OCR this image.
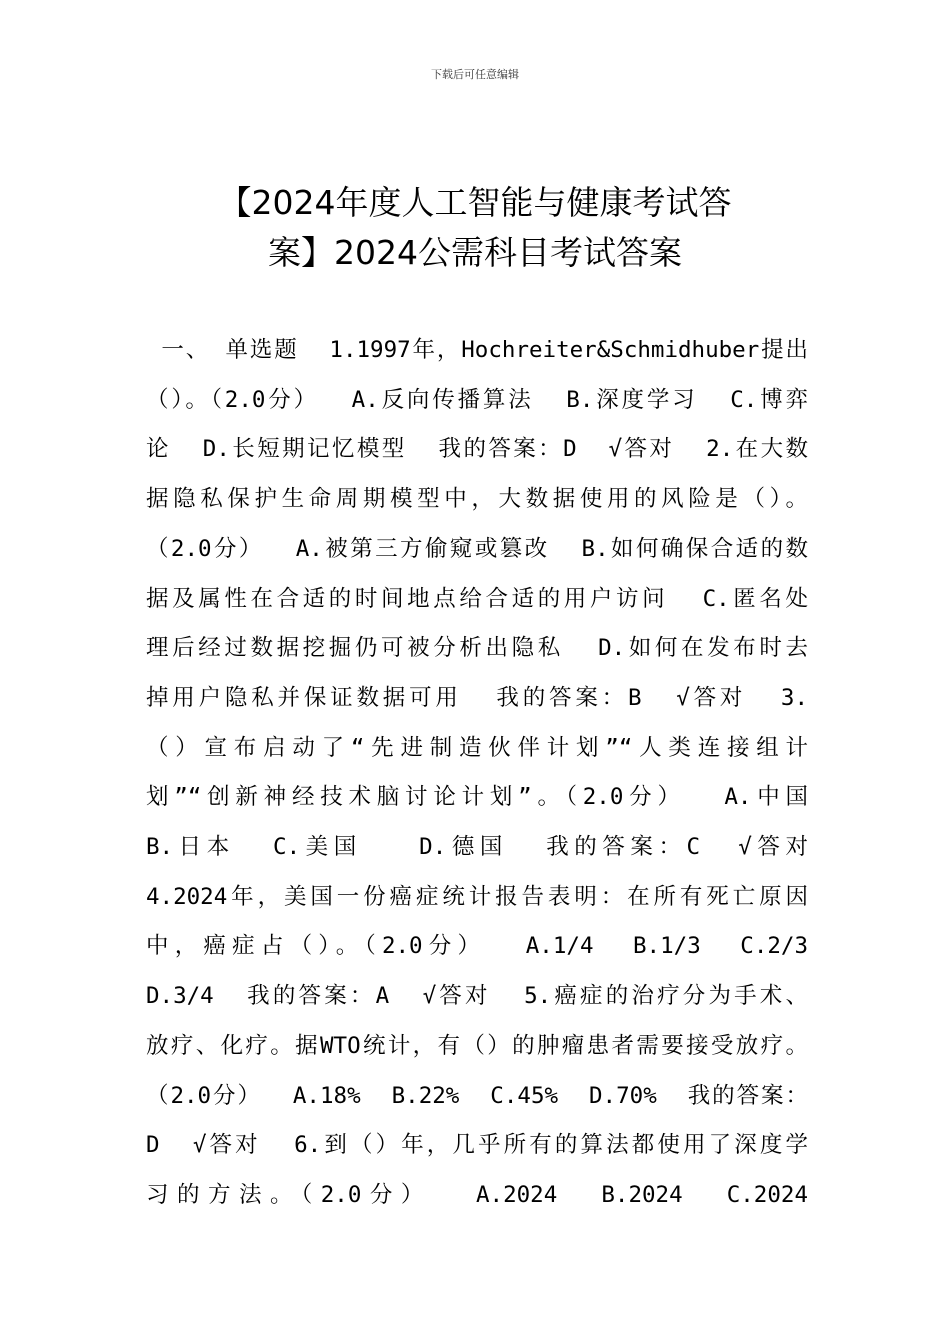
下载后可任意编辑
【2024年度人工智能与健康考试答
案】2024公需科目考试答案
一、 单选题  1.1997年，Hochreiter&Schmidhuber提出
（）。（2.0分）  A.反向传播算法  B.深度学习  C.博弈
论  D.长短期记忆模型  我的答案：D  √答对  2.在大数
据隐私保护生命周期模型中，大数据使用的风险是（）。
（2.0分）  A.被第三方偷窥或篡改  B.如何确保合适的数
据及属性在合适的时间地点给合适的用户访问  C.匿名处
理后经过数据挖掘仍可被分析出隐私  D.如何在发布时去
掉用户隐私并保证数据可用  我的答案：B  √答对  3.
（）宣布启动了“先进制造伙伴计划”“人类连接组计
划”“创新神经技术脑讨论计划”。（2.0分）  A.中国
B.日本  C.美国   D.德国  我的答案：C  √答对
4.2024年，美国一份癌症统计报告表明：在所有死亡原因
中，癌症占（）。（2.0分）  A.1/4  B.1/3  C.2/3
D.3/4  我的答案：A  √答对  5.癌症的治疗分为手术、
放疗、化疗。据WTO统计，有（）的肿瘤患者需要接受放疗。
（2.0分）  A.18%  B.22%  C.45%  D.70%  我的答案：
D  √答对  6.到（）年，几乎所有的算法都使用了深度学
习的方法。（2.0分）  A.2024  B.2024  C.2024
